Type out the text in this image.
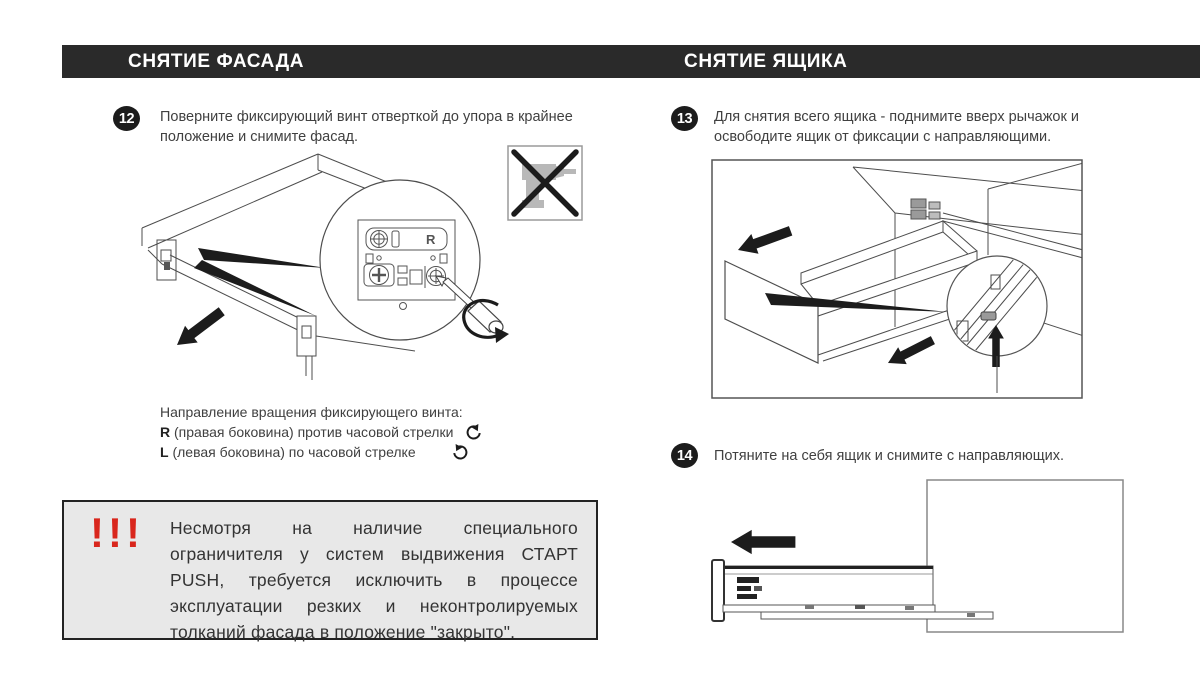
СНЯТИЕ ФАСАДА
12 Поверните фиксирующий винт отверткой до упора в крайнее положение и снимите фасад.
R
Направление вращения фиксирующего винта:
R (правая боковина) против часовой стрелки
L (левая боковина) по часовой стрелке
!!! Несмотря на наличие специального ограничителя у систем выдвижения СТАРТ PUSH, требуется исключить в процессе эксплуатации резких и неконтролируемых толканий фасада в положение "закрыто".
СНЯТИЕ ЯЩИКА
13 Для снятия всего ящика - поднимите вверх рычажок и освободите ящик от фиксации с направляющими.
14 Потяните на себя ящик и снимите с направляющих.
